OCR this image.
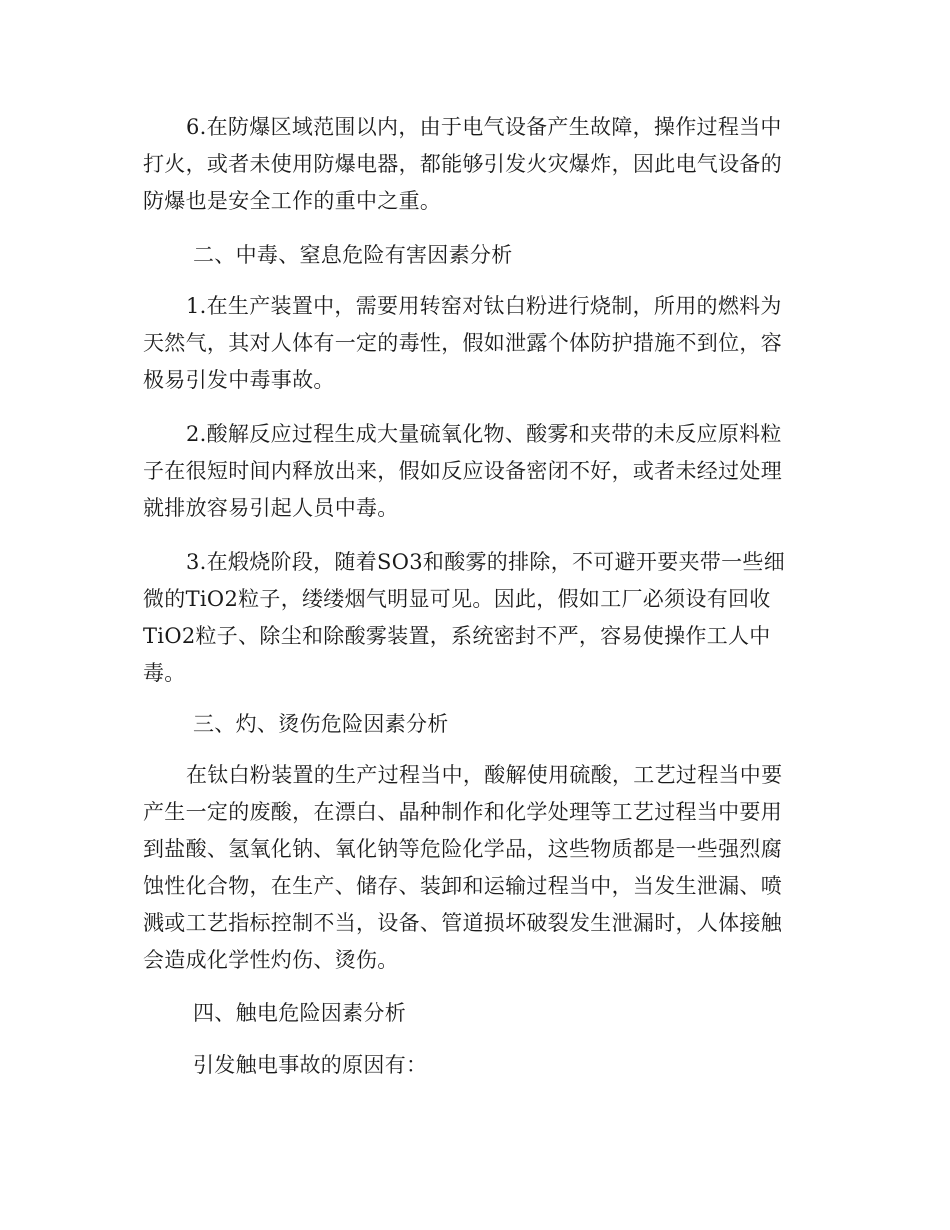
6.在防爆区域范围以内，由于电气设备产生故障，操作过程当中
打火，或者未使用防爆电器，都能够引发火灾爆炸，因此电气设备的
防爆也是安全工作的重中之重。
二、中毒、窒息危险有害因素分析
1.在生产装置中，需要用转窑对钛白粉进行烧制，所用的燃料为
天然气，其对人体有一定的毒性，假如泄露个体防护措施不到位，容
极易引发中毒事故。
2.酸解反应过程生成大量硫氧化物、酸雾和夹带的未反应原料粒
子在很短时间内释放出来，假如反应设备密闭不好，或者未经过处理
就排放容易引起人员中毒。
3.在煅烧阶段，随着SO3和酸雾的排除，不可避开要夹带一些细
微的TiO2粒子，缕缕烟气明显可见。因此，假如工厂必须设有回收
TiO2粒子、除尘和除酸雾装置，系统密封不严，容易使操作工人中
毒。
三、灼、烫伤危险因素分析
在钛白粉装置的生产过程当中，酸解使用硫酸，工艺过程当中要
产生一定的废酸，在漂白、晶种制作和化学处理等工艺过程当中要用
到盐酸、氢氧化钠、氧化钠等危险化学品，这些物质都是一些强烈腐
蚀性化合物，在生产、储存、装卸和运输过程当中，当发生泄漏、喷
溅或工艺指标控制不当，设备、管道损坏破裂发生泄漏时，人体接触
会造成化学性灼伤、烫伤。
四、触电危险因素分析
引发触电事故的原因有：
